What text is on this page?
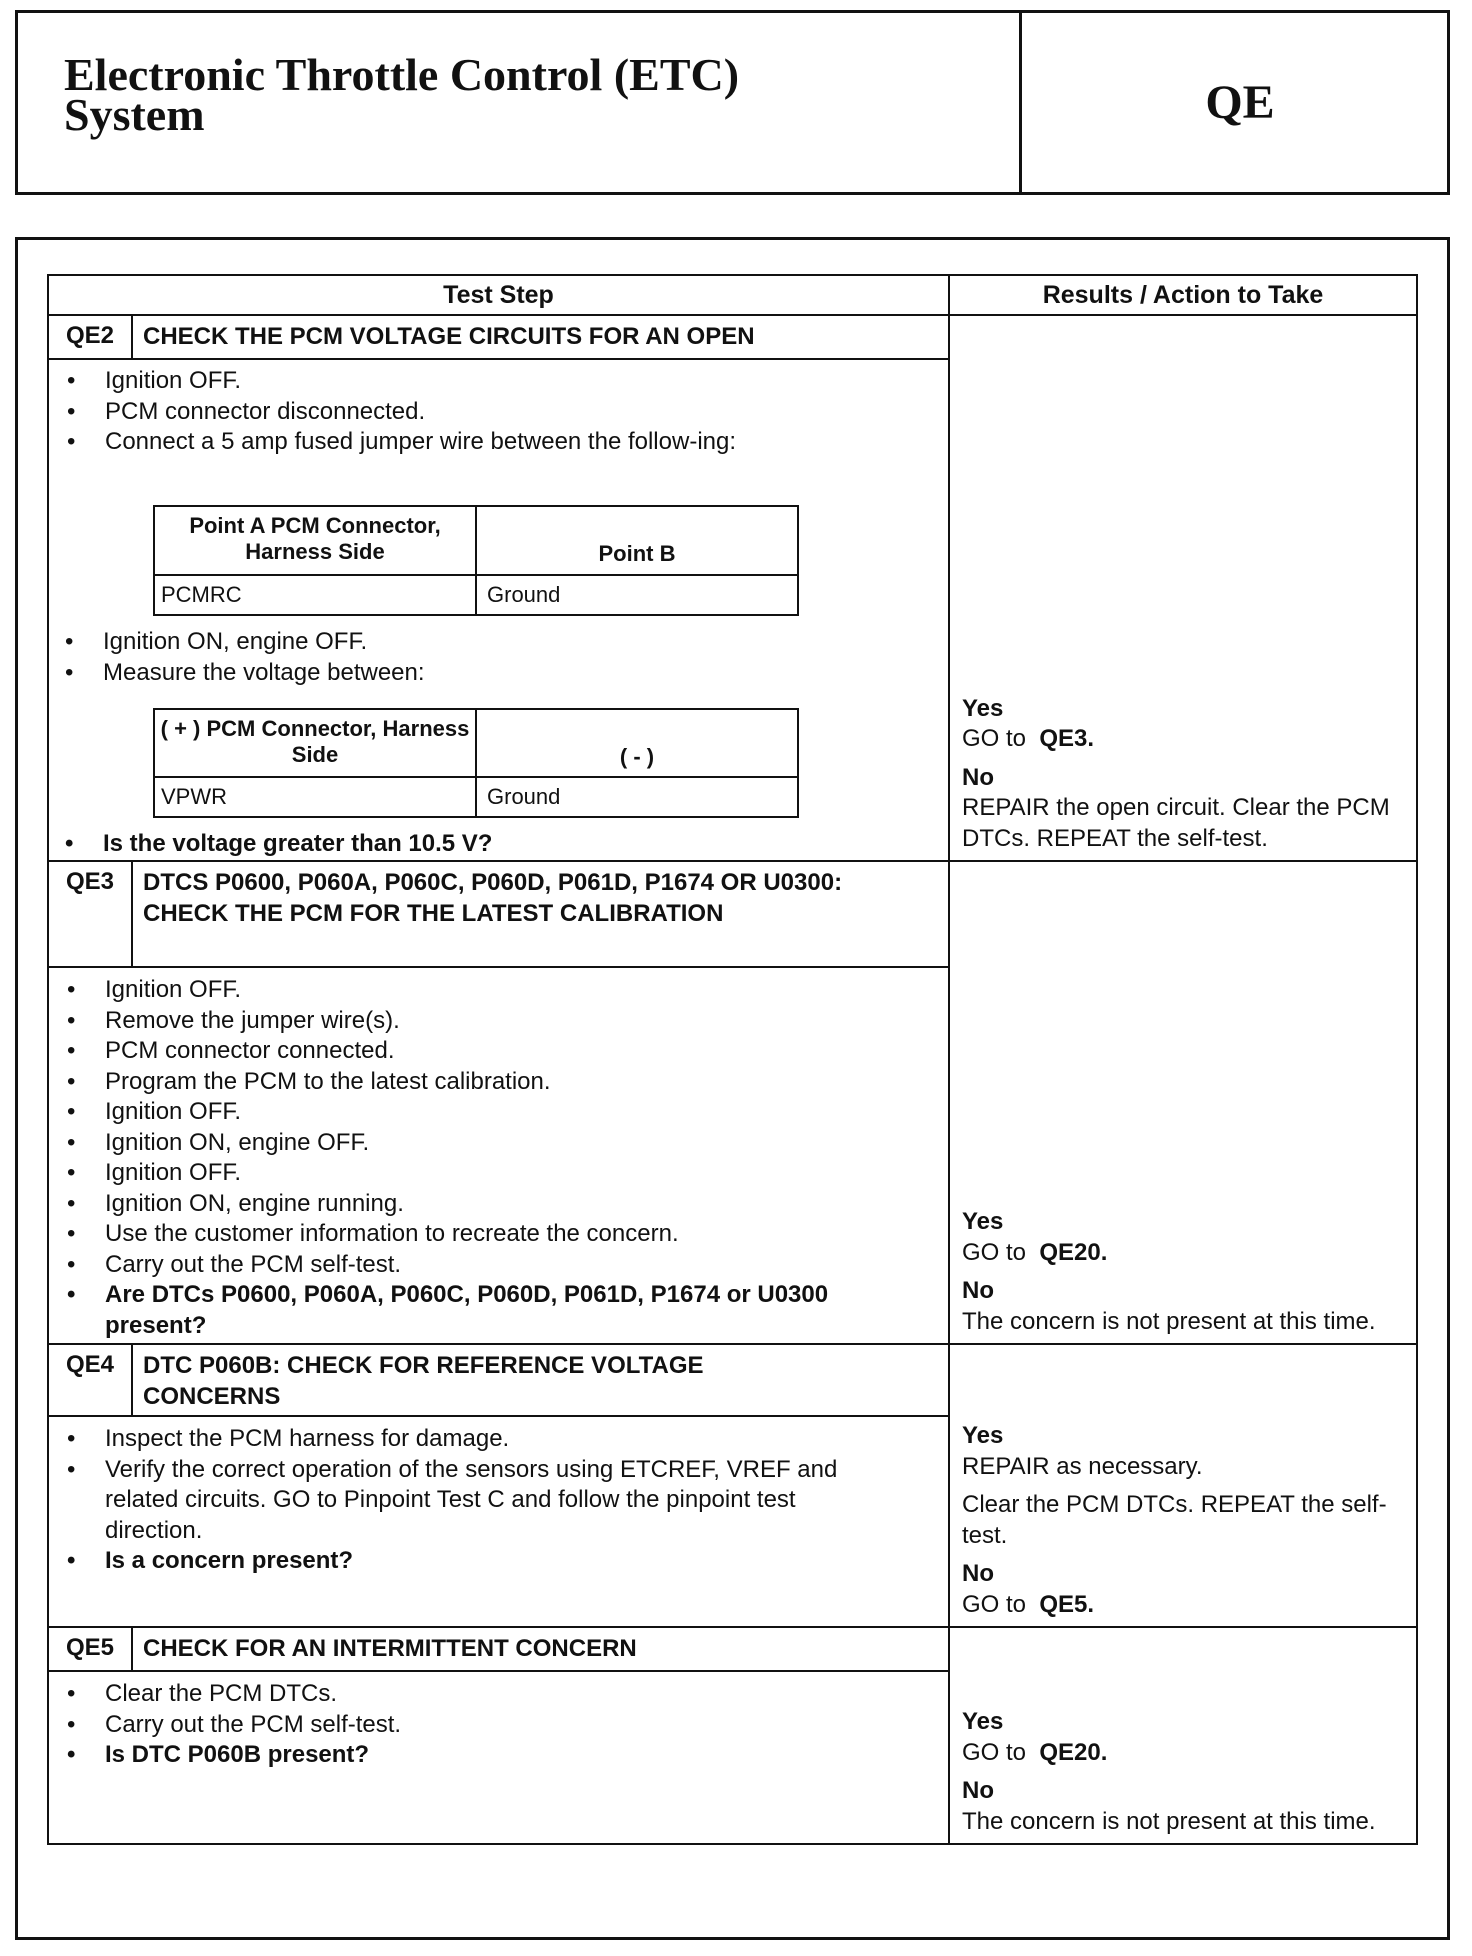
Electronic Throttle Control (ETC)
System	QE
Test Step	Results / Action to Take
QE2	CHECK THE PCM VOLTAGE CIRCUITS FOR AN OPEN
• Ignition OFF.
• PCM connector disconnected.
• Connect a 5 amp fused jumper wire between the follow-ing:
Point A PCM Connector, Harness Side	Point B
PCMRC	Ground
• Ignition ON, engine OFF.
• Measure the voltage between:
( + ) PCM Connector, Harness Side	( - )
VPWR	Ground
• Is the voltage greater than 10.5 V?
Yes
GO to QE3.
No
REPAIR the open circuit. Clear the PCM DTCs. REPEAT the self-test.
QE3	DTCS P0600, P060A, P060C, P060D, P061D, P1674 OR U0300: CHECK THE PCM FOR THE LATEST CALIBRATION
• Ignition OFF.
• Remove the jumper wire(s).
• PCM connector connected.
• Program the PCM to the latest calibration.
• Ignition OFF.
• Ignition ON, engine OFF.
• Ignition OFF.
• Ignition ON, engine running.
• Use the customer information to recreate the concern.
• Carry out the PCM self-test.
• Are DTCs P0600, P060A, P060C, P060D, P061D, P1674 or U0300 present?
Yes
GO to QE20.
No
The concern is not present at this time.
QE4	DTC P060B: CHECK FOR REFERENCE VOLTAGE CONCERNS
• Inspect the PCM harness for damage.
• Verify the correct operation of the sensors using ETCREF, VREF and related circuits. GO to Pinpoint Test C and follow the pinpoint test direction.
• Is a concern present?
Yes
REPAIR as necessary.
Clear the PCM DTCs. REPEAT the self-test.
No
GO to QE5.
QE5	CHECK FOR AN INTERMITTENT CONCERN
• Clear the PCM DTCs.
• Carry out the PCM self-test.
• Is DTC P060B present?
Yes
GO to QE20.
No
The concern is not present at this time.
